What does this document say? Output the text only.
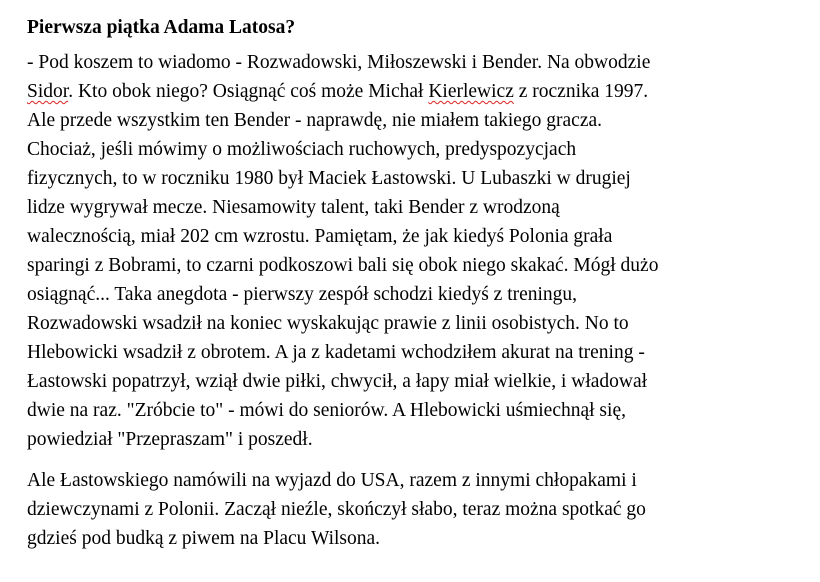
Pierwsza piątka Adama Latosa?

- Pod koszem to wiadomo - Rozwadowski, Miłoszewski i Bender. Na obwodzie
Sidor. Kto obok niego? Osiągnąć coś może Michał Kierlewicz z rocznika 1997.
Ale przede wszystkim ten Bender - naprawdę, nie miałem takiego gracza.
Chociaż, jeśli mówimy o możliwościach ruchowych, predyspozycjach
fizycznych, to w roczniku 1980 był Maciek Łastowski. U Lubaszki w drugiej
lidze wygrywał mecze. Niesamowity talent, taki Bender z wrodzoną
walecznością, miał 202 cm wzrostu. Pamiętam, że jak kiedyś Polonia grała
sparingi z Bobrami, to czarni podkoszowi bali się obok niego skakać. Mógł dużo
osiągnąć... Taka anegdota - pierwszy zespół schodzi kiedyś z treningu,
Rozwadowski wsadził na koniec wyskakując prawie z linii osobistych. No to
Hlebowicki wsadził z obrotem. A ja z kadetami wchodziłem akurat na trening -
Łastowski popatrzył, wziął dwie piłki, chwycił, a łapy miał wielkie, i władował
dwie na raz. "Zróbcie to" - mówi do seniorów. A Hlebowicki uśmiechnął się,
powiedział "Przepraszam" i poszedł.

Ale Łastowskiego namówili na wyjazd do USA, razem z innymi chłopakami i
dziewczynami z Polonii. Zaczął nieźle, skończył słabo, teraz można spotkać go
gdzieś pod budką z piwem na Placu Wilsona.
